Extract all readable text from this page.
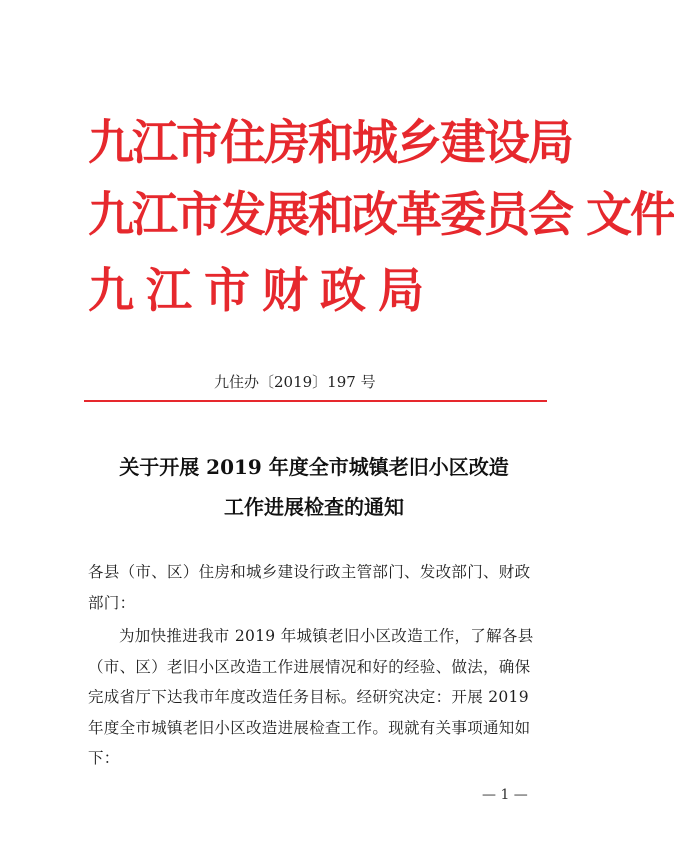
九江市住房和城乡建设局
九江市发展和改革委员会 文件
九江市财政局
九住办〔2019〕197 号
关于开展 2019 年度全市城镇老旧小区改造
工作进展检查的通知

各县（市、区）住房和城乡建设行政主管部门、发改部门、财政部门：

为加快推进我市 2019 年城镇老旧小区改造工作，了解各县（市、区）老旧小区改造工作进展情况和好的经验、做法，确保完成省厅下达我市年度改造任务目标。经研究决定：开展 2019 年度全市城镇老旧小区改造进展检查工作。现就有关事项通知如下：

— 1 —
